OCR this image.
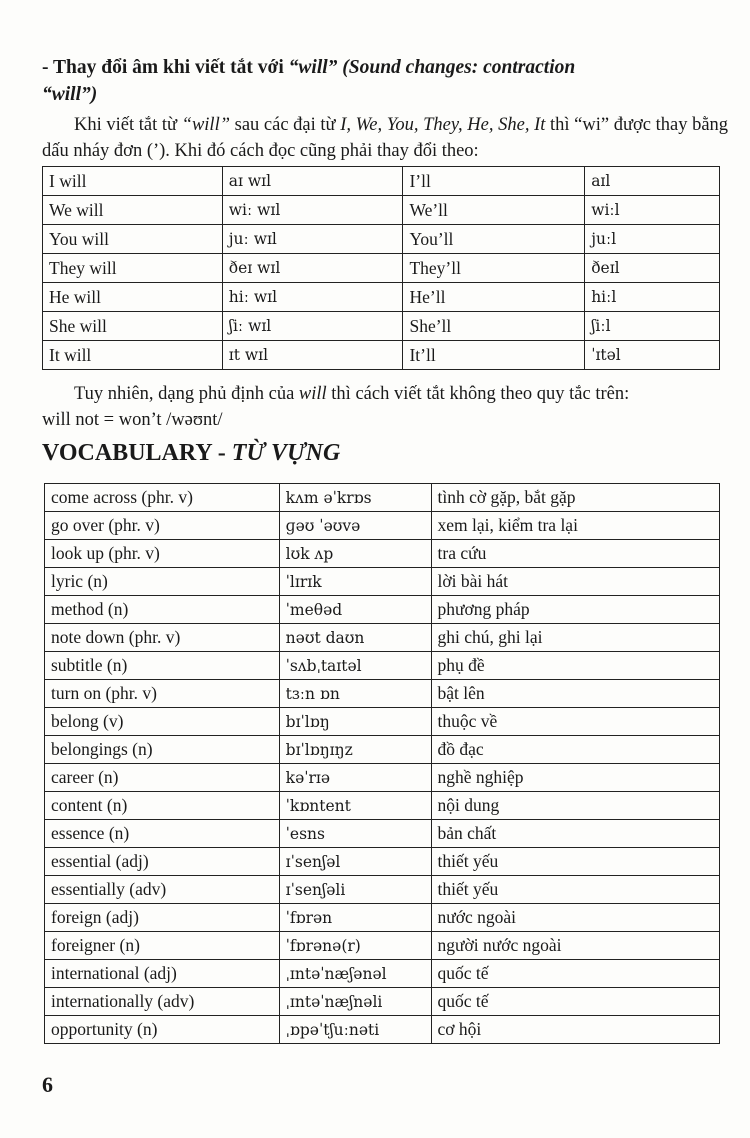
- Thay đổi âm khi viết tắt với “will” (Sound changes: contraction
“will”)
Khi viết tắt từ “will” sau các đại từ I, We, You, They, He, She, It thì “wi” được thay bằng dấu nháy đơn (’). Khi đó cách đọc cũng phải thay đổi theo:
I will	aɪ wɪl	I’ll	aɪl
We will	wiː wɪl	We’ll	wiːl
You will	juː wɪl	You’ll	juːl
They will	ðeɪ wɪl	They’ll	ðeɪl
He will	hiː wɪl	He’ll	hiːl
She will	ʃiː wɪl	She’ll	ʃiːl
It will	ɪt wɪl	It’ll	ˈɪtəl
Tuy nhiên, dạng phủ định của will thì cách viết tắt không theo quy tắc trên:
will not = won’t /wəʊnt/
VOCABULARY - TỪ VỰNG
come across (phr. v)	kʌm əˈkrɒs	tình cờ gặp, bắt gặp
go over (phr. v)	ɡəʊ ˈəʊvə	xem lại, kiểm tra lại
look up (phr. v)	lʊk ʌp	tra cứu
lyric (n)	ˈlɪrɪk	lời bài hát
method (n)	ˈmeθəd	phương pháp
note down (phr. v)	nəʊt daʊn	ghi chú, ghi lại
subtitle (n)	ˈsʌbˌtaɪtəl	phụ đề
turn on (phr. v)	tɜːn ɒn	bật lên
belong (v)	bɪˈlɒŋ	thuộc về
belongings (n)	bɪˈlɒŋɪŋz	đồ đạc
career (n)	kəˈrɪə	nghề nghiệp
content (n)	ˈkɒntent	nội dung
essence (n)	ˈesns	bản chất
essential (adj)	ɪˈsenʃəl	thiết yếu
essentially (adv)	ɪˈsenʃəli	thiết yếu
foreign (adj)	ˈfɒrən	nước ngoài
foreigner (n)	ˈfɒrənə(r)	người nước ngoài
international (adj)	ˌɪntəˈnæʃənəl	quốc tế
internationally (adv)	ˌɪntəˈnæʃnəli	quốc tế
opportunity (n)	ˌɒpəˈtʃuːnəti	cơ hội
6
